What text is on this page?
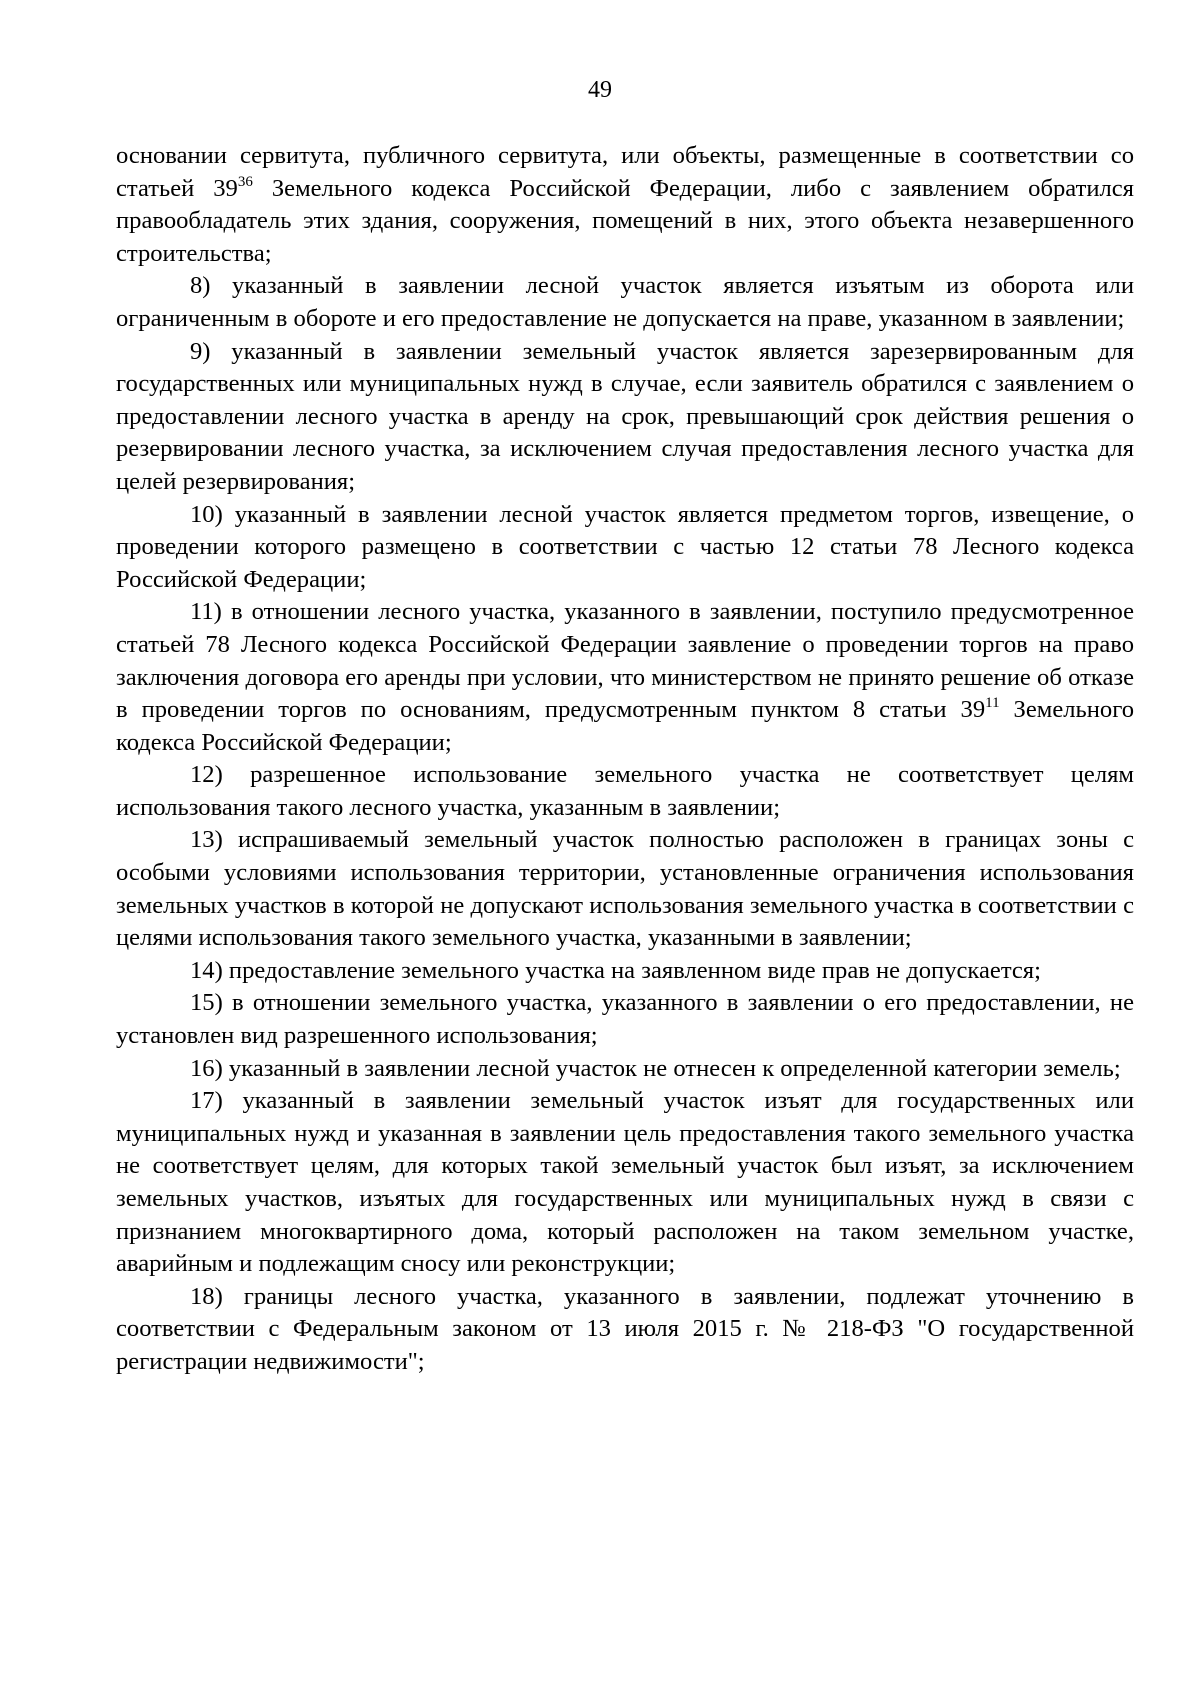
49

основании сервитута, публичного сервитута, или объекты, размещенные в соответствии со статьей $39^{36}$ Земельного кодекса Российской Федерации, либо с заявлением обратился правообладатель этих здания, сооружения, помещений в них, этого объекта незавершенного строительства;

8) указанный в заявлении лесной участок является изъятым из оборота или ограниченным в обороте и его предоставление не допускается на праве, указанном в заявлении;

9) указанный в заявлении земельный участок является зарезервированным для государственных или муниципальных нужд в случае, если заявитель обратился с заявлением о предоставлении лесного участка в аренду на срок, превышающий срок действия решения о резервировании лесного участка, за исключением случая предоставления лесного участка для целей резервирования;

10) указанный в заявлении лесной участок является предметом торгов, извещение, о проведении которого размещено в соответствии с частью 12 статьи 78 Лесного кодекса Российской Федерации;

11) в отношении лесного участка, указанного в заявлении, поступило предусмотренное статьей 78 Лесного кодекса Российской Федерации заявление о проведении торгов на право заключения договора его аренды при условии, что министерством не принято решение об отказе в проведении торгов по основаниям, предусмотренным пунктом 8 статьи $39^{11}$ Земельного кодекса Российской Федерации;

12) разрешенное использование земельного участка не соответствует целям использования такого лесного участка, указанным в заявлении;

13) испрашиваемый земельный участок полностью расположен в границах зоны с особыми условиями использования территории, установленные ограничения использования земельных участков в которой не допускают использования земельного участка в соответствии с целями использования такого земельного участка, указанными в заявлении;

14) предоставление земельного участка на заявленном виде прав не допускается;

15) в отношении земельного участка, указанного в заявлении о его предоставлении, не установлен вид разрешенного использования;

16) указанный в заявлении лесной участок не отнесен к определенной категории земель;

17) указанный в заявлении земельный участок изъят для государственных или муниципальных нужд и указанная в заявлении цель предоставления такого земельного участка не соответствует целям, для которых такой земельный участок был изъят, за исключением земельных участков, изъятых для государственных или муниципальных нужд в связи с признанием многоквартирного дома, который расположен на таком земельном участке, аварийным и подлежащим сносу или реконструкции;

18) границы лесного участка, указанного в заявлении, подлежат уточнению в соответствии с Федеральным законом от 13 июля 2015 г. № 218-ФЗ "О государственной регистрации недвижимости";
